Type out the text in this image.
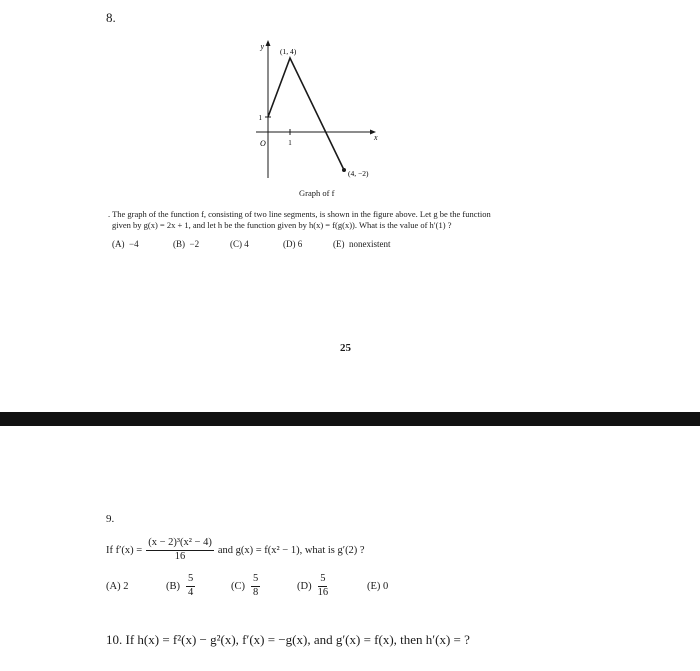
8.
y
x
O
1
1
(1, 4)
(4, −2)
Graph of f
. The graph of the function f, consisting of two line segments, is shown in the figure above. Let g be the function
given by g(x) = 2x + 1, and let h be the function given by h(x) = f(g(x)). What is the value of h′(1) ?
(A) −4	(B) −2	(C) 4	(D) 6	(E) nonexistent
25
9.
If $f'(x) = \frac{\text{(x − 2)³(x² − 4)}}{16}$ and g(x) = f(x² − 1), what is g′(2) ?
(A) 2	$(B) \frac{5}{4}$	$(C) \frac{5}{8}$	$(D) \frac{5}{16}$	(E) 0
10. If h(x) = f²(x) − g²(x), f′(x) = −g(x), and g′(x) = f(x), then h′(x) = ?
